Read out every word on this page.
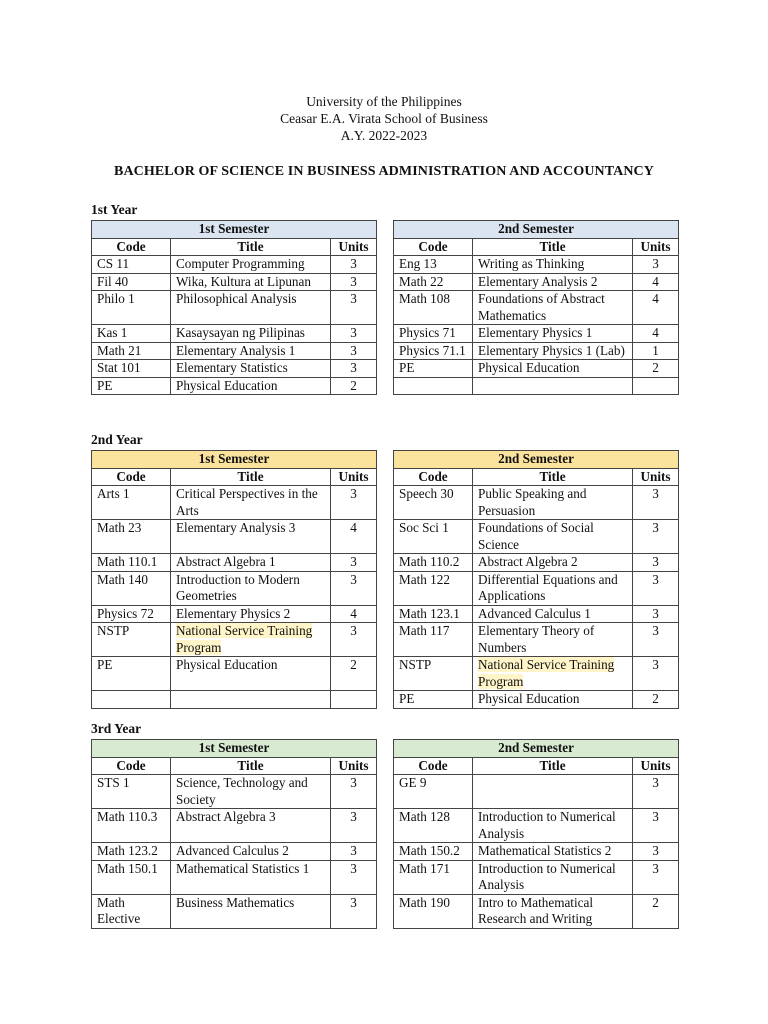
University of the Philippines
Ceasar E.A. Virata School of Business
A.Y. 2022-2023
BACHELOR OF SCIENCE IN BUSINESS ADMINISTRATION AND ACCOUNTANCY
1st Year
1st Semester				2nd Semester		
Code	Title	Units		Code	Title	Units
CS 11	Computer Programming	3		Eng 13	Writing as Thinking	3
Fil 40	Wika, Kultura at Lipunan	3		Math 22	Elementary Analysis 2	4
Philo 1	Philosophical Analysis	3		Math 108	Foundations of Abstract Mathematics	4
Kas 1	Kasaysayan ng Pilipinas	3		Physics 71	Elementary Physics 1	4
Math 21	Elementary Analysis 1	3		Physics 71.1	Elementary Physics 1 (Lab)	1
Stat 101	Elementary Statistics	3		PE	Physical Education	2
PE	Physical Education	2				
2nd Year
1st Semester				2nd Semester		
Code	Title	Units		Code	Title	Units
Arts 1	Critical Perspectives in the Arts	3		Speech 30	Public Speaking and Persuasion	3
Math 23	Elementary Analysis 3	4		Soc Sci 1	Foundations of Social Science	3
Math 110.1	Abstract Algebra 1	3		Math 110.2	Abstract Algebra 2	3
Math 140	Introduction to Modern Geometries	3		Math 122	Differential Equations and Applications	3
Physics 72	Elementary Physics 2	4		Math 123.1	Advanced Calculus 1	3
NSTP	National Service Training Program	3		Math 117	Elementary Theory of Numbers	3
PE	Physical Education	2		NSTP	National Service Training Program	3
				PE	Physical Education	2
3rd Year
1st Semester				2nd Semester		
Code	Title	Units		Code	Title	Units
STS 1	Science, Technology and Society	3		GE 9		3
Math 110.3	Abstract Algebra 3	3		Math 128	Introduction to Numerical Analysis	3
Math 123.2	Advanced Calculus 2	3		Math 150.2	Mathematical Statistics 2	3
Math 150.1	Mathematical Statistics 1	3		Math 171	Introduction to Numerical Analysis	3
Math Elective	Business Mathematics	3		Math 190	Intro to Mathematical Research and Writing	2
